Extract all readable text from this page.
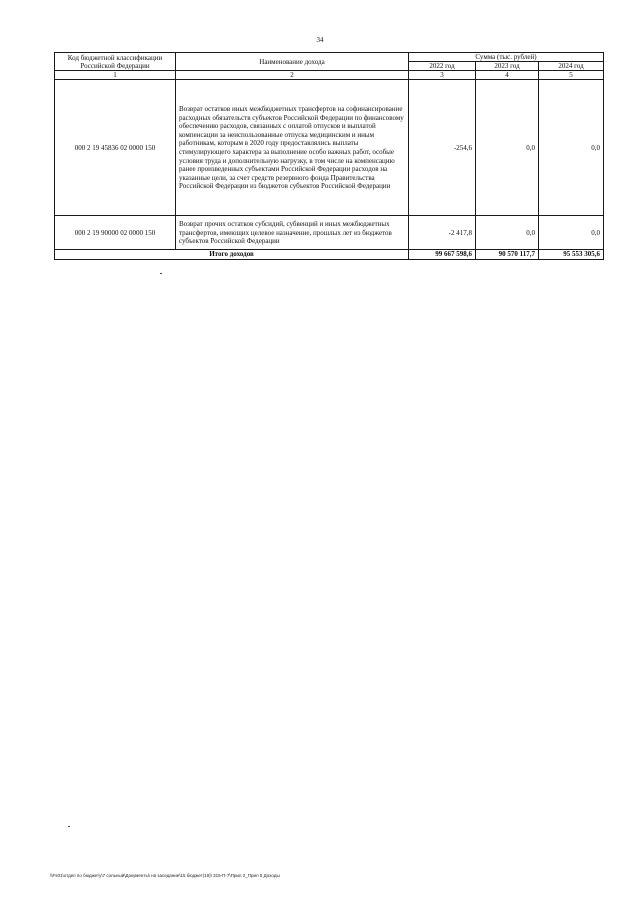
34
Код бюджетной классификации Российской Федерации	Наименование дохода	Сумма (тыс. рублей)		
		2022 год	2023 год	2024 год
1	2	3	4	5
000 2 19 45836 02 0000 150	Возврат остатков иных межбюджетных трансфертов на софинансирование расходных обязательств субъектов Российской Федерации по финансовому обеспечению расходов, связанных с оплатой отпусков и выплатой компенсации за неиспользованные отпуска медицинским и иным работникам, которым в 2020 году предоставлялись выплаты стимулирующего характера за выполнение особо важных работ, особые условия труда и дополнительную нагрузку, в том числе на компенсацию ранее произведенных субъектами Российской Федерации расходов на указанные цели, за счет средств резервного фонда Правительства Российской Федерации из бюджетов субъектов Российской Федерации	-254,6	0,0	0,0
000 2 19 90000 02 0000 150	Возврат прочих остатков субсидий, субвенций и иных межбюджетных трансфертов, имеющих целевое назначение, прошлых лет из бюджетов субъектов Российской Федерации	-2 417,8	0,0	0,0
Итого доходов		99 667 598,6	90 570 117,7	95 553 305,6
\\Fs01\отдел по бюджету\7 сольный\Документы\ на заседание\15 бюджет(19)\ 315-П-7\Прил 2_Прил 5 Доходы
